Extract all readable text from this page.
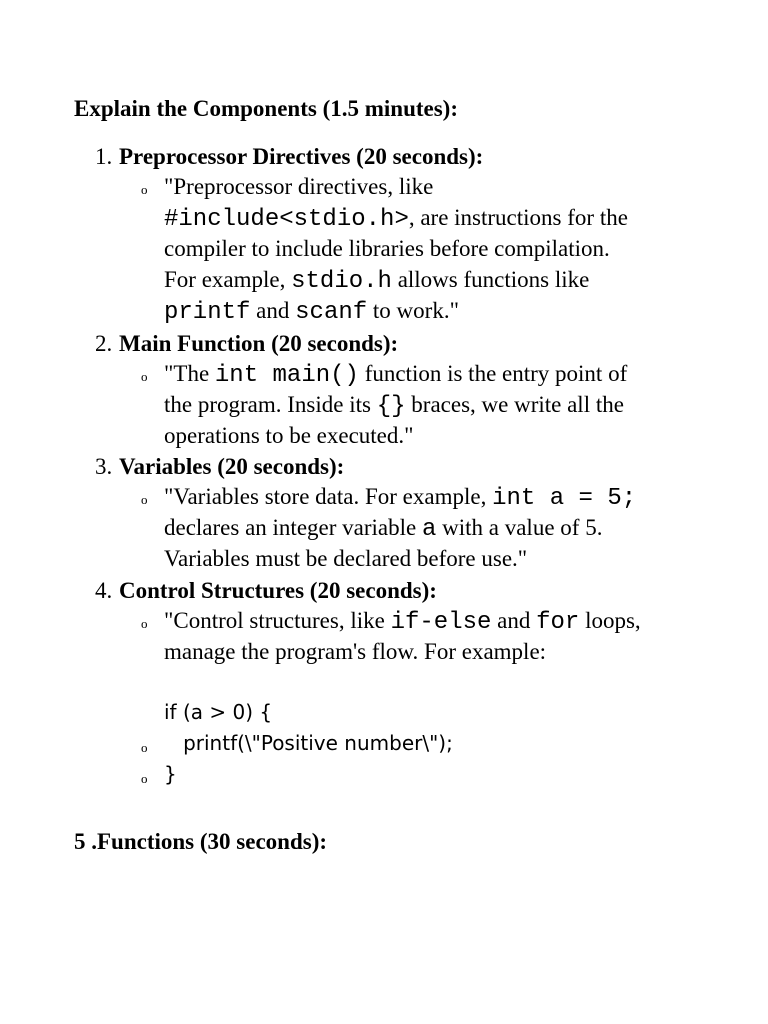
Explain the Components (1.5 minutes):
1. Preprocessor Directives (20 seconds):
o "Preprocessor directives, like
#include<stdio.h>, are instructions for the
compiler to include libraries before compilation.
For example, stdio.h allows functions like
printf and scanf to work."
2. Main Function (20 seconds):
o "The int main() function is the entry point of
the program. Inside its {} braces, we write all the
operations to be executed."
3. Variables (20 seconds):
o "Variables store data. For example, int a = 5;
declares an integer variable a with a value of 5.
Variables must be declared before use."
4. Control Structures (20 seconds):
o "Control structures, like if-else and for loops,
manage the program's flow. For example:
if (a > 0) {
o printf(\"Positive number\");
o }
5 .Functions (30 seconds):
